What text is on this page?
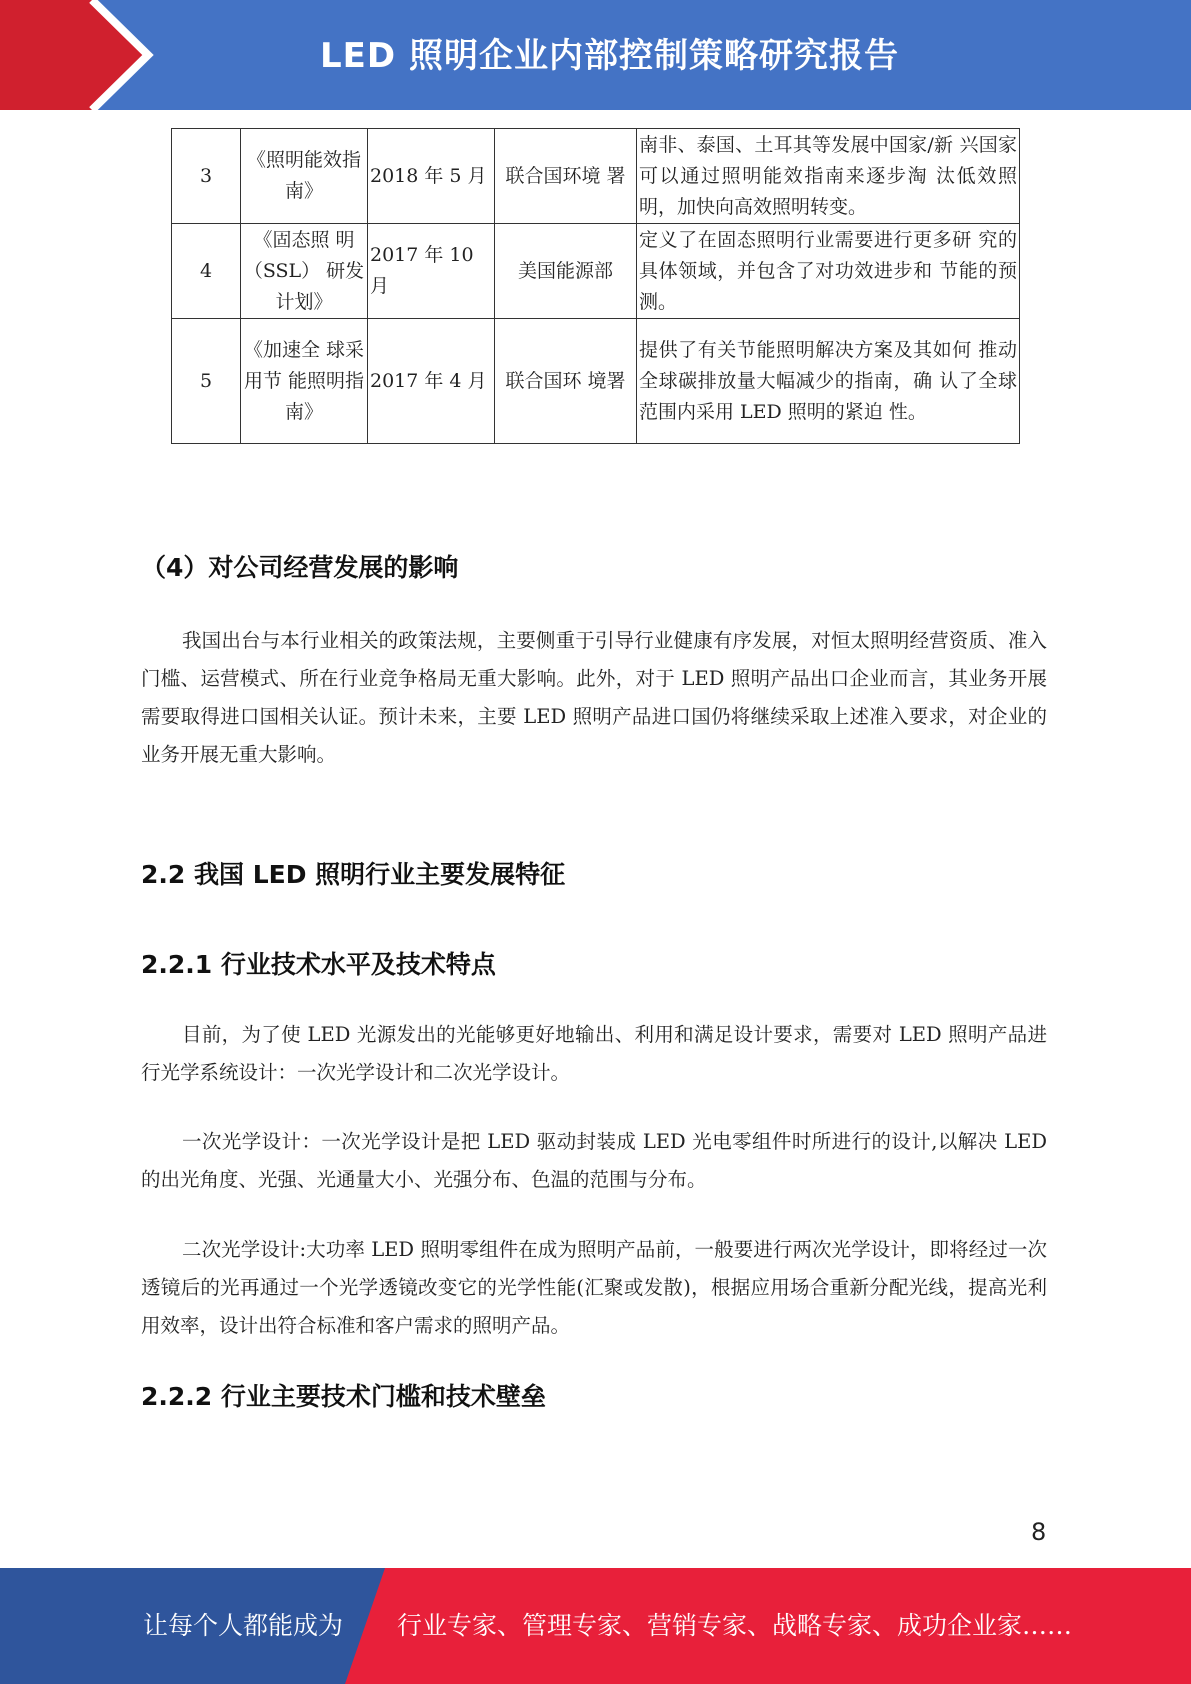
LED 照明企业内部控制策略研究报告
3	《照明能效指南》	2018 年 5 月	联合国环境 署	南非、泰国、土耳其等发展中国家/新 兴国家可以通过照明能效指南来逐步淘 汰低效照明，加快向高效照明转变。
4	《固态照 明（SSL） 研发计划》	2017 年 10 月	美国能源部	定义了在固态照明行业需要进行更多研 究的具体领域，并包含了对功效进步和 节能的预测。
5	《加速全 球采用节 能照明指 南》	2017 年 4 月	联合国环 境署	提供了有关节能照明解决方案及其如何 推动全球碳排放量大幅减少的指南，确 认了全球范围内采用 LED 照明的紧迫 性。
（4）对公司经营发展的影响
我国出台与本行业相关的政策法规，主要侧重于引导行业健康有序发展，对恒太照明经营资质、准入门槛、运营模式、所在行业竞争格局无重大影响。此外，对于 LED 照明产品出口企业而言，其业务开展需要取得进口国相关认证。预计未来，主要 LED 照明产品进口国仍将继续采取上述准入要求，对企业的业务开展无重大影响。
2.2 我国 LED 照明行业主要发展特征
2.2.1 行业技术水平及技术特点
目前，为了使 LED 光源发出的光能够更好地输出、利用和满足设计要求，需要对 LED 照明产品进行光学系统设计：一次光学设计和二次光学设计。
一次光学设计：一次光学设计是把 LED 驱动封装成 LED 光电零组件时所进行的设计,以解决 LED 的出光角度、光强、光通量大小、光强分布、色温的范围与分布。
二次光学设计:大功率 LED 照明零组件在成为照明产品前，一般要进行两次光学设计，即将经过一次透镜后的光再通过一个光学透镜改变它的光学性能(汇聚或发散)，根据应用场合重新分配光线，提高光利用效率，设计出符合标准和客户需求的照明产品。
2.2.2 行业主要技术门槛和技术壁垒
8
让每个人都能成为 行业专家、管理专家、营销专家、战略专家、成功企业家……
